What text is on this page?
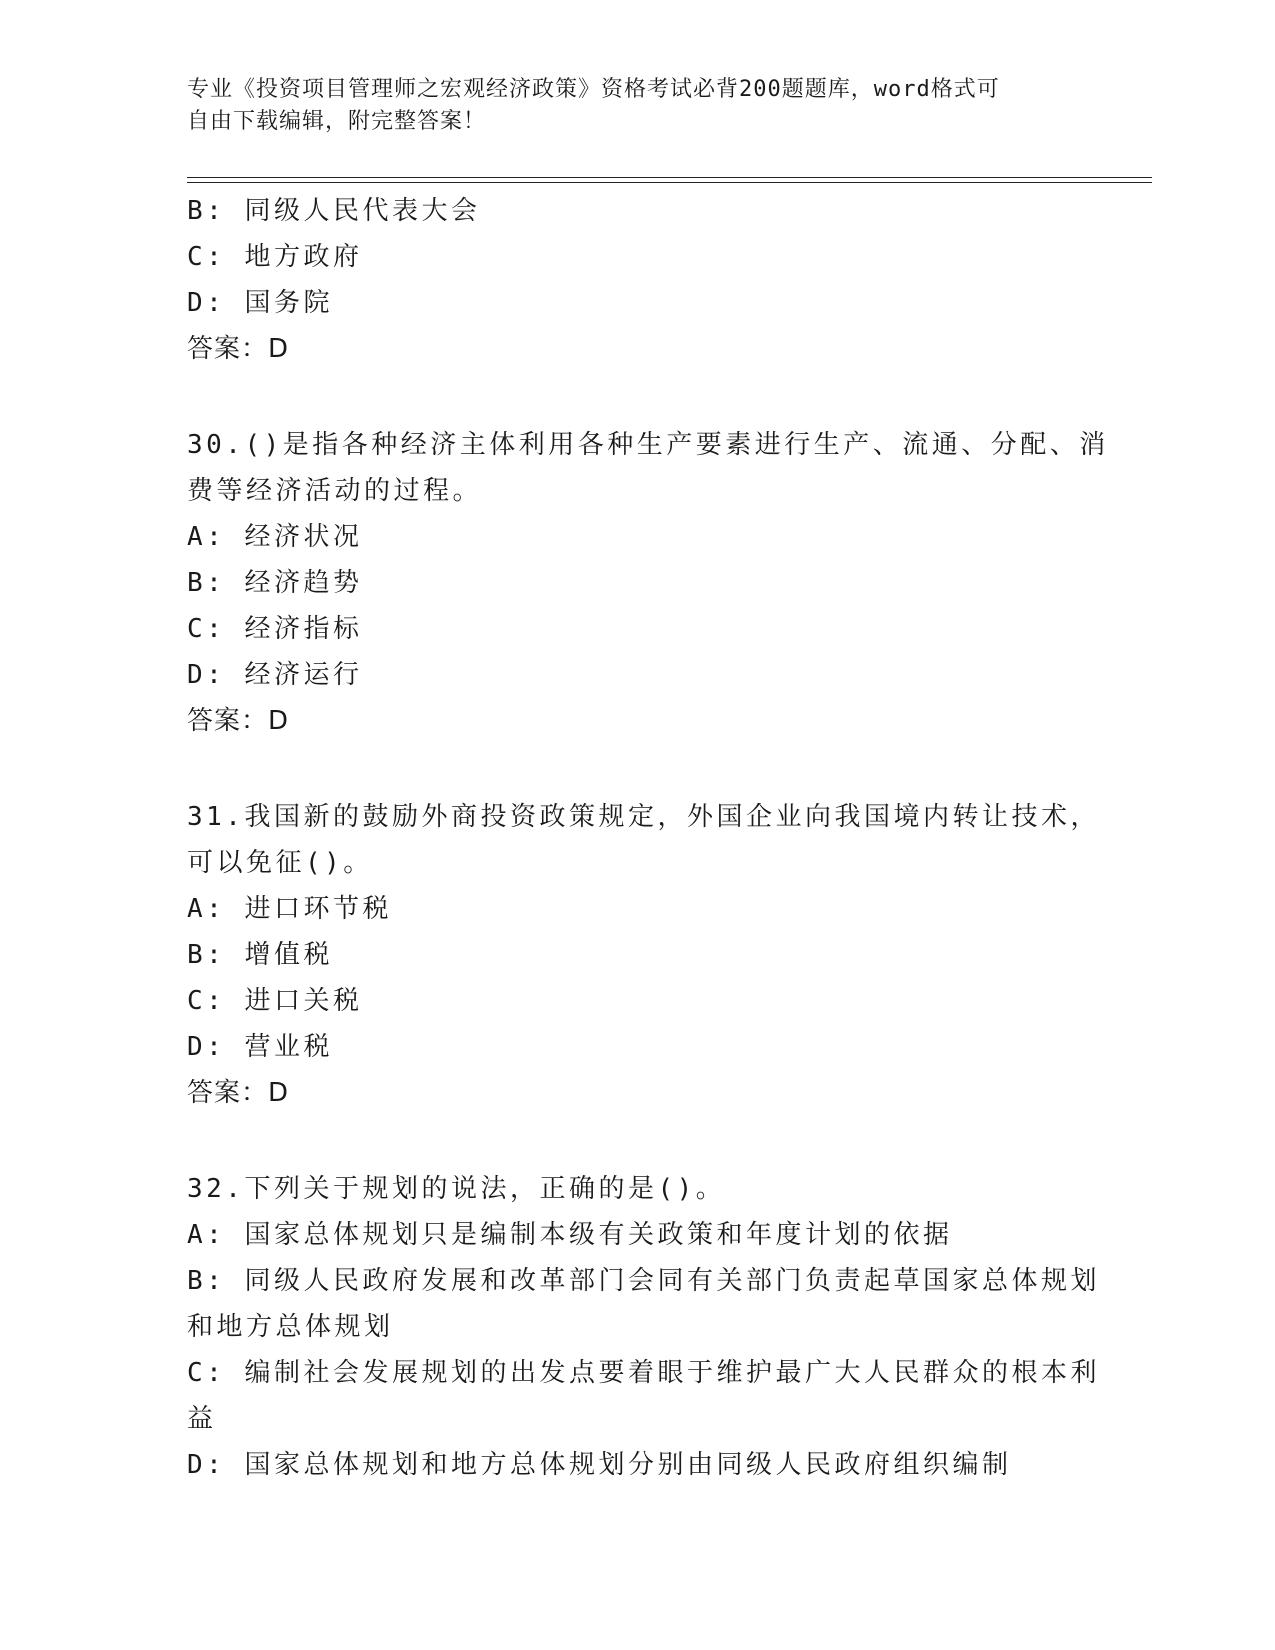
专业《投资项目管理师之宏观经济政策》资格考试必背200题题库，word格式可
自由下载编辑，附完整答案！
B: 同级人民代表大会
C: 地方政府
D: 国务院
答案：D
30.()是指各种经济主体利用各种生产要素进行生产、流通、分配、消
费等经济活动的过程。
A: 经济状况
B: 经济趋势
C: 经济指标
D: 经济运行
答案：D
31.我国新的鼓励外商投资政策规定，外国企业向我国境内转让技术，
可以免征()。
A: 进口环节税
B: 增值税
C: 进口关税
D: 营业税
答案：D
32.下列关于规划的说法，正确的是()。
A: 国家总体规划只是编制本级有关政策和年度计划的依据
B: 同级人民政府发展和改革部门会同有关部门负责起草国家总体规划
和地方总体规划
C: 编制社会发展规划的出发点要着眼于维护最广大人民群众的根本利
益
D: 国家总体规划和地方总体规划分别由同级人民政府组织编制
